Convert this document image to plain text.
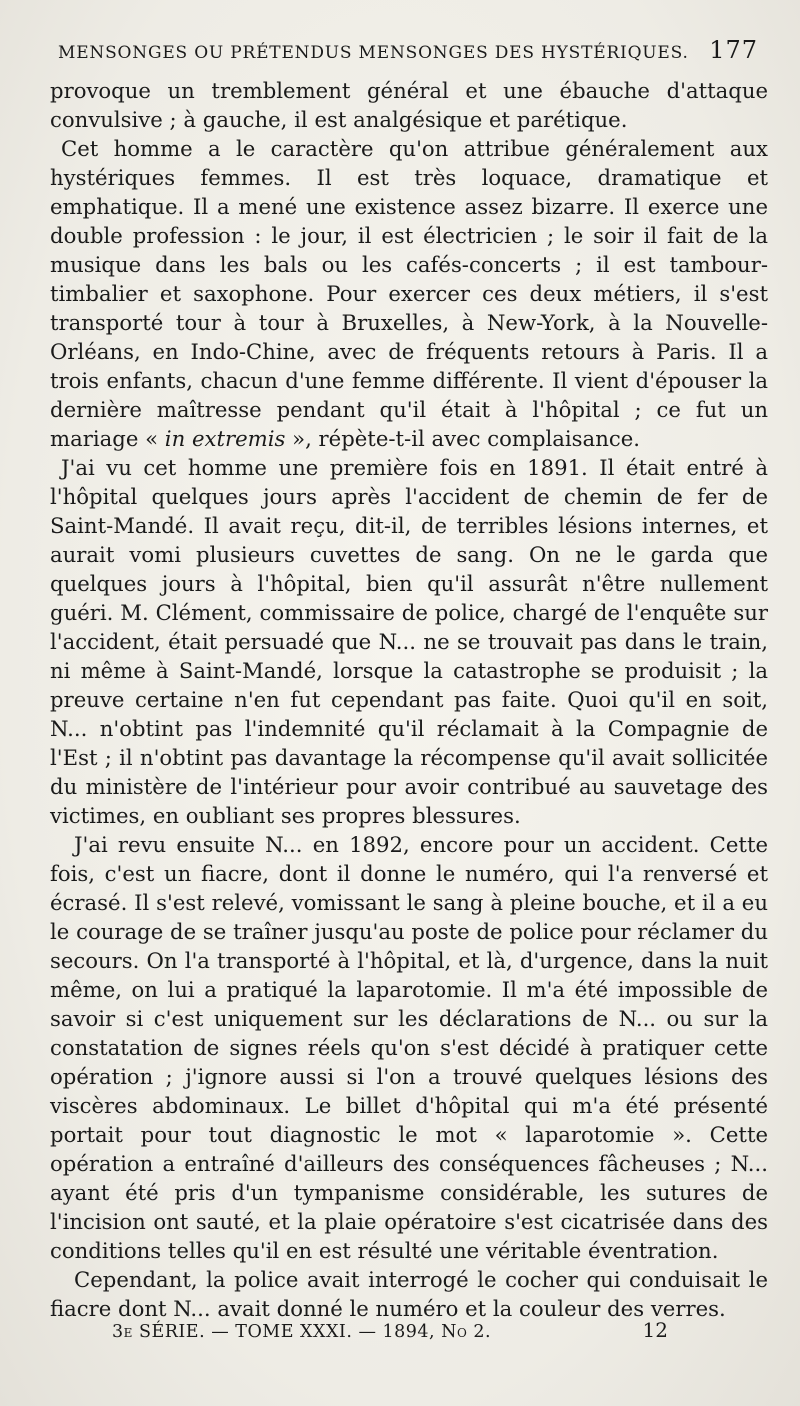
MENSONGES OU PRÉTENDUS MENSONGES DES HYSTÉRIQUES. 177

provoque un tremblement général et une ébauche d'attaque convulsive ; à gauche, il est analgésique et parétique.

Cet homme a le caractère qu'on attribue généralement aux hystériques femmes. Il est très loquace, dramatique et emphatique. Il a mené une existence assez bizarre. Il exerce une double profession : le jour, il est électricien ; le soir il fait de la musique dans les bals ou les cafés-concerts ; il est tambour-timbalier et saxophone. Pour exercer ces deux métiers, il s'est transporté tour à tour à Bruxelles, à New-York, à la Nouvelle-Orléans, en Indo-Chine, avec de fréquents retours à Paris. Il a trois enfants, chacun d'une femme différente. Il vient d'épouser la dernière maîtresse pendant qu'il était à l'hôpital ; ce fut un mariage « in extremis », répète-t-il avec complaisance.

J'ai vu cet homme une première fois en 1891. Il était entré à l'hôpital quelques jours après l'accident de chemin de fer de Saint-Mandé. Il avait reçu, dit-il, de terribles lésions internes, et aurait vomi plusieurs cuvettes de sang. On ne le garda que quelques jours à l'hôpital, bien qu'il assurât n'être nullement guéri. M. Clément, commissaire de police, chargé de l'enquête sur l'accident, était persuadé que N... ne se trouvait pas dans le train, ni même à Saint-Mandé, lorsque la catastrophe se produisit ; la preuve certaine n'en fut cependant pas faite. Quoi qu'il en soit, N... n'obtint pas l'indemnité qu'il réclamait à la Compagnie de l'Est ; il n'obtint pas davantage la récompense qu'il avait sollicitée du ministère de l'intérieur pour avoir contribué au sauvetage des victimes, en oubliant ses propres blessures.

J'ai revu ensuite N... en 1892, encore pour un accident. Cette fois, c'est un fiacre, dont il donne le numéro, qui l'a renversé et écrasé. Il s'est relevé, vomissant le sang à pleine bouche, et il a eu le courage de se traîner jusqu'au poste de police pour réclamer du secours. On l'a transporté à l'hôpital, et là, d'urgence, dans la nuit même, on lui a pratiqué la laparotomie. Il m'a été impossible de savoir si c'est uniquement sur les déclarations de N... ou sur la constatation de signes réels qu'on s'est décidé à pratiquer cette opération ; j'ignore aussi si l'on a trouvé quelques lésions des viscères abdominaux. Le billet d'hôpital qui m'a été présenté portait pour tout diagnostic le mot « laparotomie ». Cette opération a entraîné d'ailleurs des conséquences fâcheuses ; N... ayant été pris d'un tympanisme considérable, les sutures de l'incision ont sauté, et la plaie opératoire s'est cicatrisée dans des conditions telles qu'il en est résulté une véritable éventration.

Cependant, la police avait interrogé le cocher qui conduisait le fiacre dont N... avait donné le numéro et la couleur des verres.

3e SÉRIE. — TOME XXXI. — 1894, No 2.	12
